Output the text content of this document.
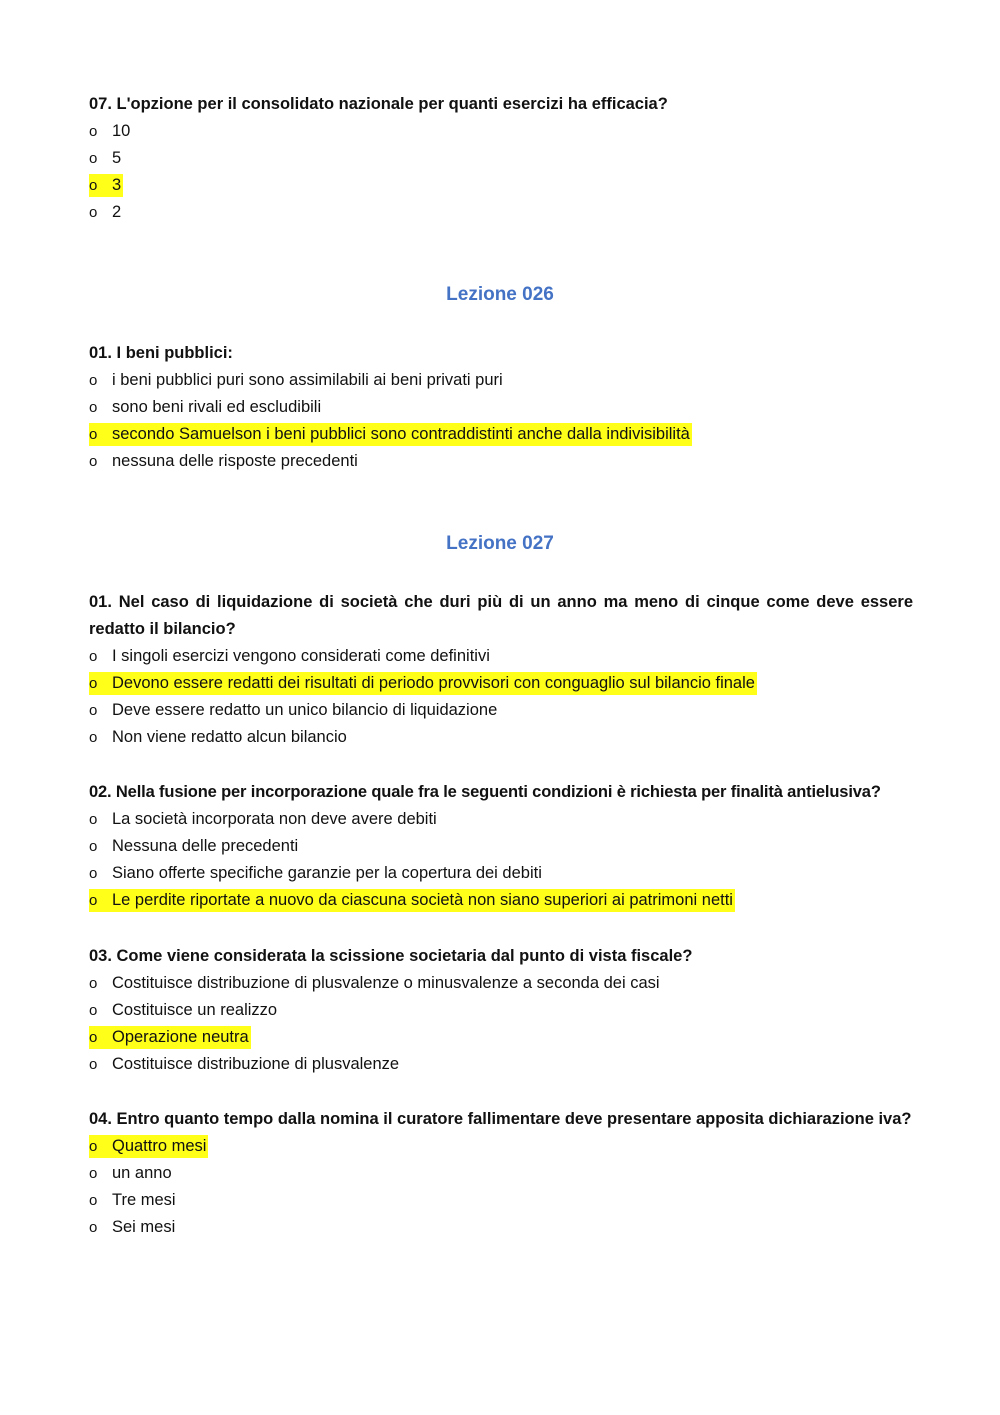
07. L'opzione per il consolidato nazionale per quanti esercizi ha efficacia?

o 10
o 5
o 3
o 2
Lezione 026

01. I beni pubblici:

o i beni pubblici puri sono assimilabili ai beni privati puri
o sono beni rivali ed escludibili
o secondo Samuelson i beni pubblici sono contraddistinti anche dalla indivisibilità
o nessuna delle risposte precedenti
Lezione 027

01. Nel caso di liquidazione di società che duri più di un anno ma meno di cinque come deve essere redatto il bilancio?

o I singoli esercizi vengono considerati come definitivi
o Devono essere redatti dei risultati di periodo provvisori con conguaglio sul bilancio finale
o Deve essere redatto un unico bilancio di liquidazione
o Non viene redatto alcun bilancio

02. Nella fusione per incorporazione quale fra le seguenti condizioni è richiesta per finalità antielusiva?

o La società incorporata non deve avere debiti
o Nessuna delle precedenti
o Siano offerte specifiche garanzie per la copertura dei debiti
o Le perdite riportate a nuovo da ciascuna società non siano superiori ai patrimoni netti

03. Come viene considerata la scissione societaria dal punto di vista fiscale?

o Costituisce distribuzione di plusvalenze o minusvalenze a seconda dei casi
o Costituisce un realizzo
o Operazione neutra
o Costituisce distribuzione di plusvalenze

04. Entro quanto tempo dalla nomina il curatore fallimentare deve presentare apposita dichiarazione iva?

o Quattro mesi
o un anno
o Tre mesi
o Sei mesi
